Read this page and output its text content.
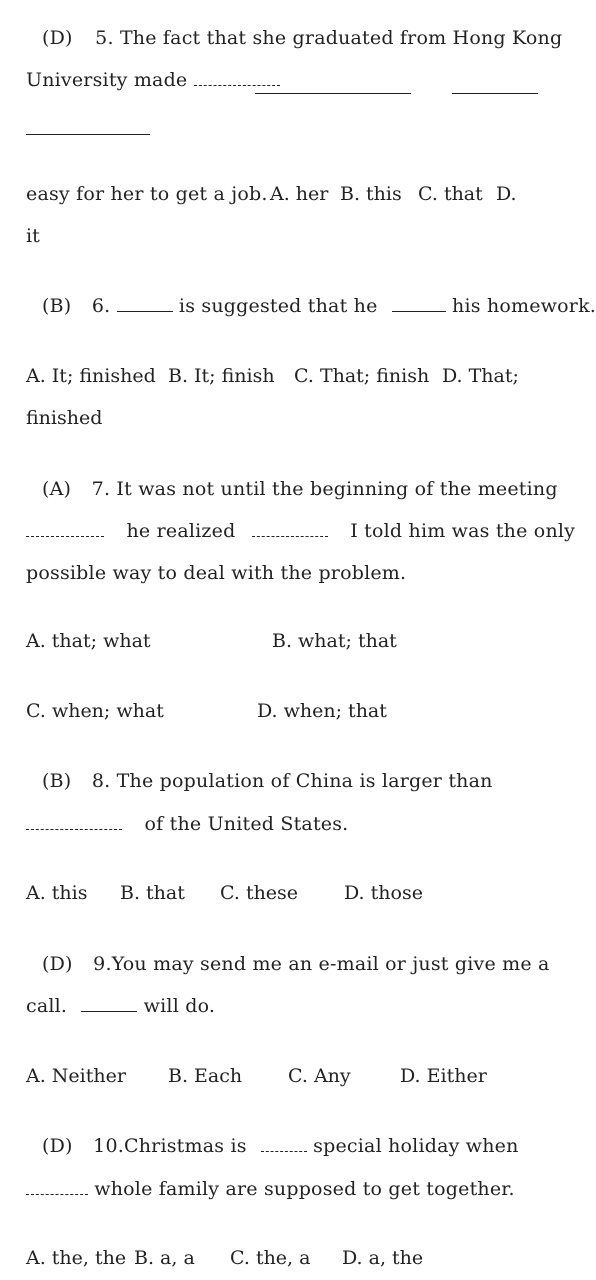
(D) 5. The fact that she graduated from Hong Kong
University made
easy for her to get a job. A. her B. this C. that D.
it
(B) 6.	is suggested that he	his homework.
A. It; finished B. It; finish C. That; finish D. That;
finished
(A) 7. It was not until the beginning of the meeting
he realized	I told him was the only
possible way to deal with the problem.
A. that; what	B. what; that
C. when; what	D. when; that
(B) 8. The population of China is larger than
of the United States.
A. this B. that C. these D. those
(D) 9.You may send me an e-mail or just give me a
call.	will do.
A. Neither B. Each C. Any	D. Either
(D) 10.Christmas is	special holiday when
whole family are supposed to get together.
A. the, the B. a, a C. the, a D. a, the
